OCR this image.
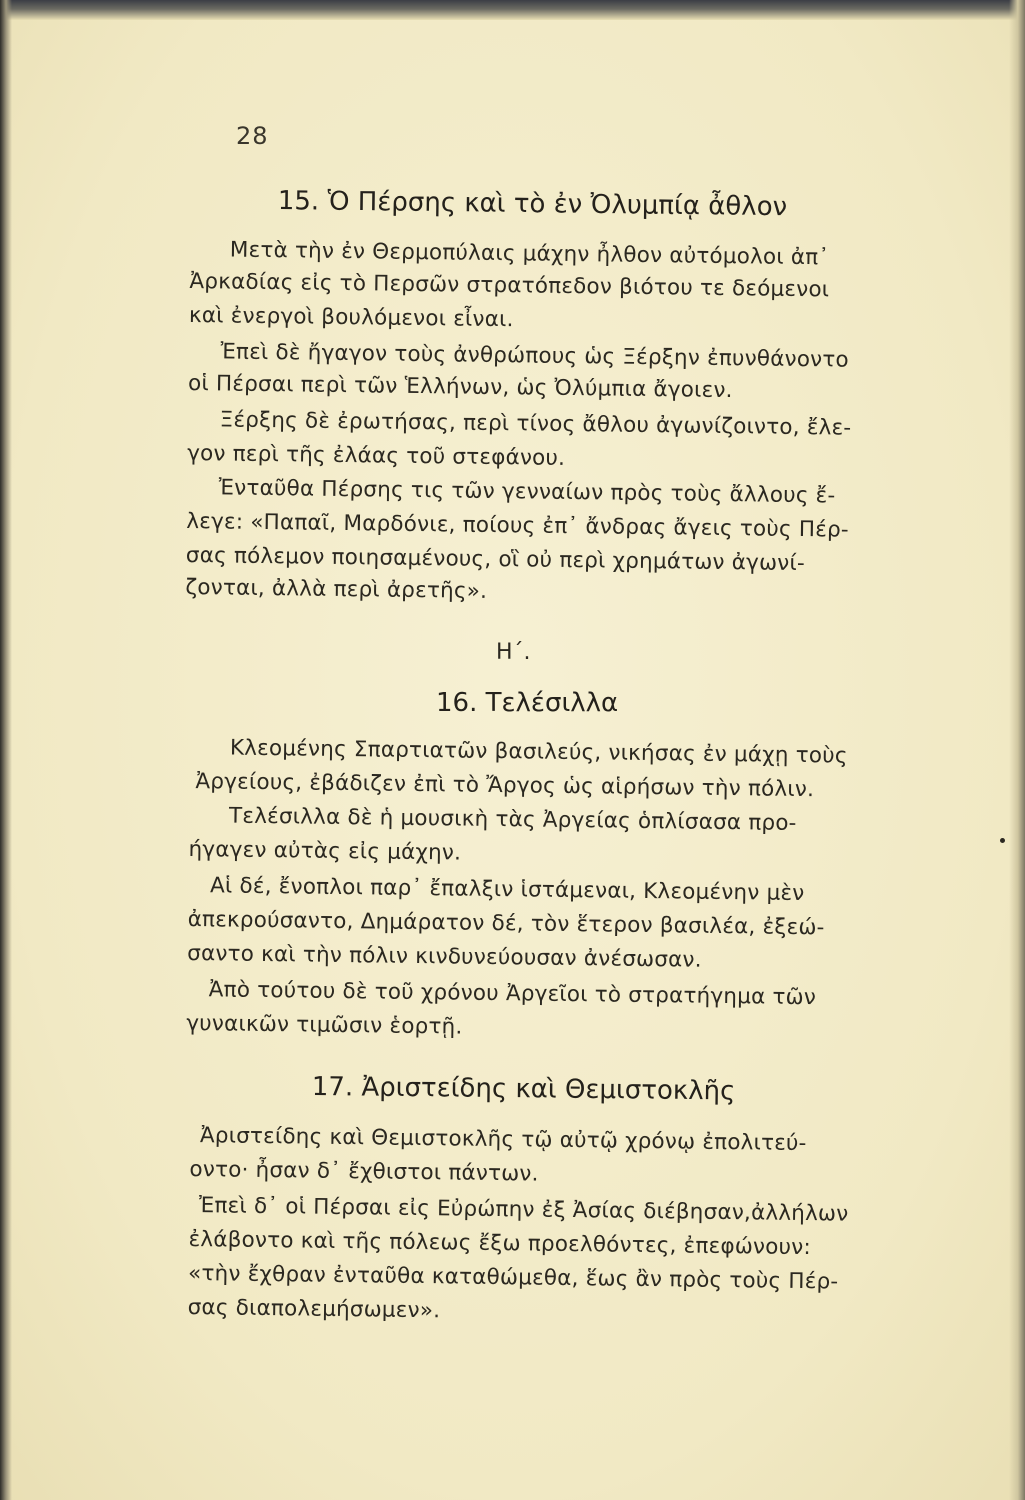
28
15. Ὁ Πέρσης καὶ τὸ ἐν Ὀλυμπίᾳ ἆθλον
Μετὰ τὴν ἐν Θερμοπύλαις μάχην ἦλθον αὐτόμολοι ἀπ᾽
Ἀρκαδίας εἰς τὸ Περσῶν στρατόπεδον βιότου τε δεόμενοι
καὶ ἐνεργοὶ βουλόμενοι εἶναι.
Ἐπεὶ δὲ ἤγαγον τοὺς ἀνθρώπους ὡς Ξέρξην ἐπυνθάνοντο
οἱ Πέρσαι περὶ τῶν Ἑλλήνων, ὡς Ὀλύμπια ἄγοιεν.
Ξέρξης δὲ ἐρωτήσας, περὶ τίνος ἄθλου ἀγωνίζοιντο, ἔλε-
γον περὶ τῆς ἐλάας τοῦ στεφάνου.
Ἐνταῦθα Πέρσης τις τῶν γενναίων πρὸς τοὺς ἄλλους ἔ-
λεγε: «Παπαῖ, Μαρδόνιε, ποίους ἐπ᾽ ἄνδρας ἄγεις τοὺς Πέρ-
σας πόλεμον ποιησαμένους, οἳ οὐ περὶ χρημάτων ἀγωνί-
ζονται, ἀλλὰ περὶ ἀρετῆς».
Η΄.
16. Τελέσιλλα
Κλεομένης Σπαρτιατῶν βασιλεύς, νικήσας ἐν μάχῃ τοὺς
Ἀργείους, ἐβάδιζεν ἐπὶ τὸ Ἄργος ὡς αἱρήσων τὴν πόλιν.
Τελέσιλλα δὲ ἡ μουσικὴ τὰς Ἀργείας ὁπλίσασα προ-
ήγαγεν αὐτὰς εἰς μάχην.
Αἱ δέ, ἔνοπλοι παρ᾽ ἔπαλξιν ἱστάμεναι, Κλεομένην μὲν
ἀπεκρούσαντο, Δημάρατον δέ, τὸν ἕτερον βασιλέα, ἐξεώ-
σαντο καὶ τὴν πόλιν κινδυνεύουσαν ἀνέσωσαν.
Ἀπὸ τούτου δὲ τοῦ χρόνου Ἀργεῖοι τὸ στρατήγημα τῶν
γυναικῶν τιμῶσιν ἑορτῇ.
17. Ἀριστείδης καὶ Θεμιστοκλῆς
Ἀριστείδης καὶ Θεμιστοκλῆς τῷ αὐτῷ χρόνῳ ἐπολιτεύ-
οντο· ἦσαν δ᾽ ἔχθιστοι πάντων.
Ἐπεὶ δ᾽ οἱ Πέρσαι εἰς Εὐρώπην ἐξ Ἀσίας διέβησαν,ἀλλήλων
ἐλάβοντο καὶ τῆς πόλεως ἔξω προελθόντες, ἐπεφώνουν:
«τὴν ἔχθραν ἐνταῦθα καταθώμεθα, ἕως ἂν πρὸς τοὺς Πέρ-
σας διαπολεμήσωμεν».
